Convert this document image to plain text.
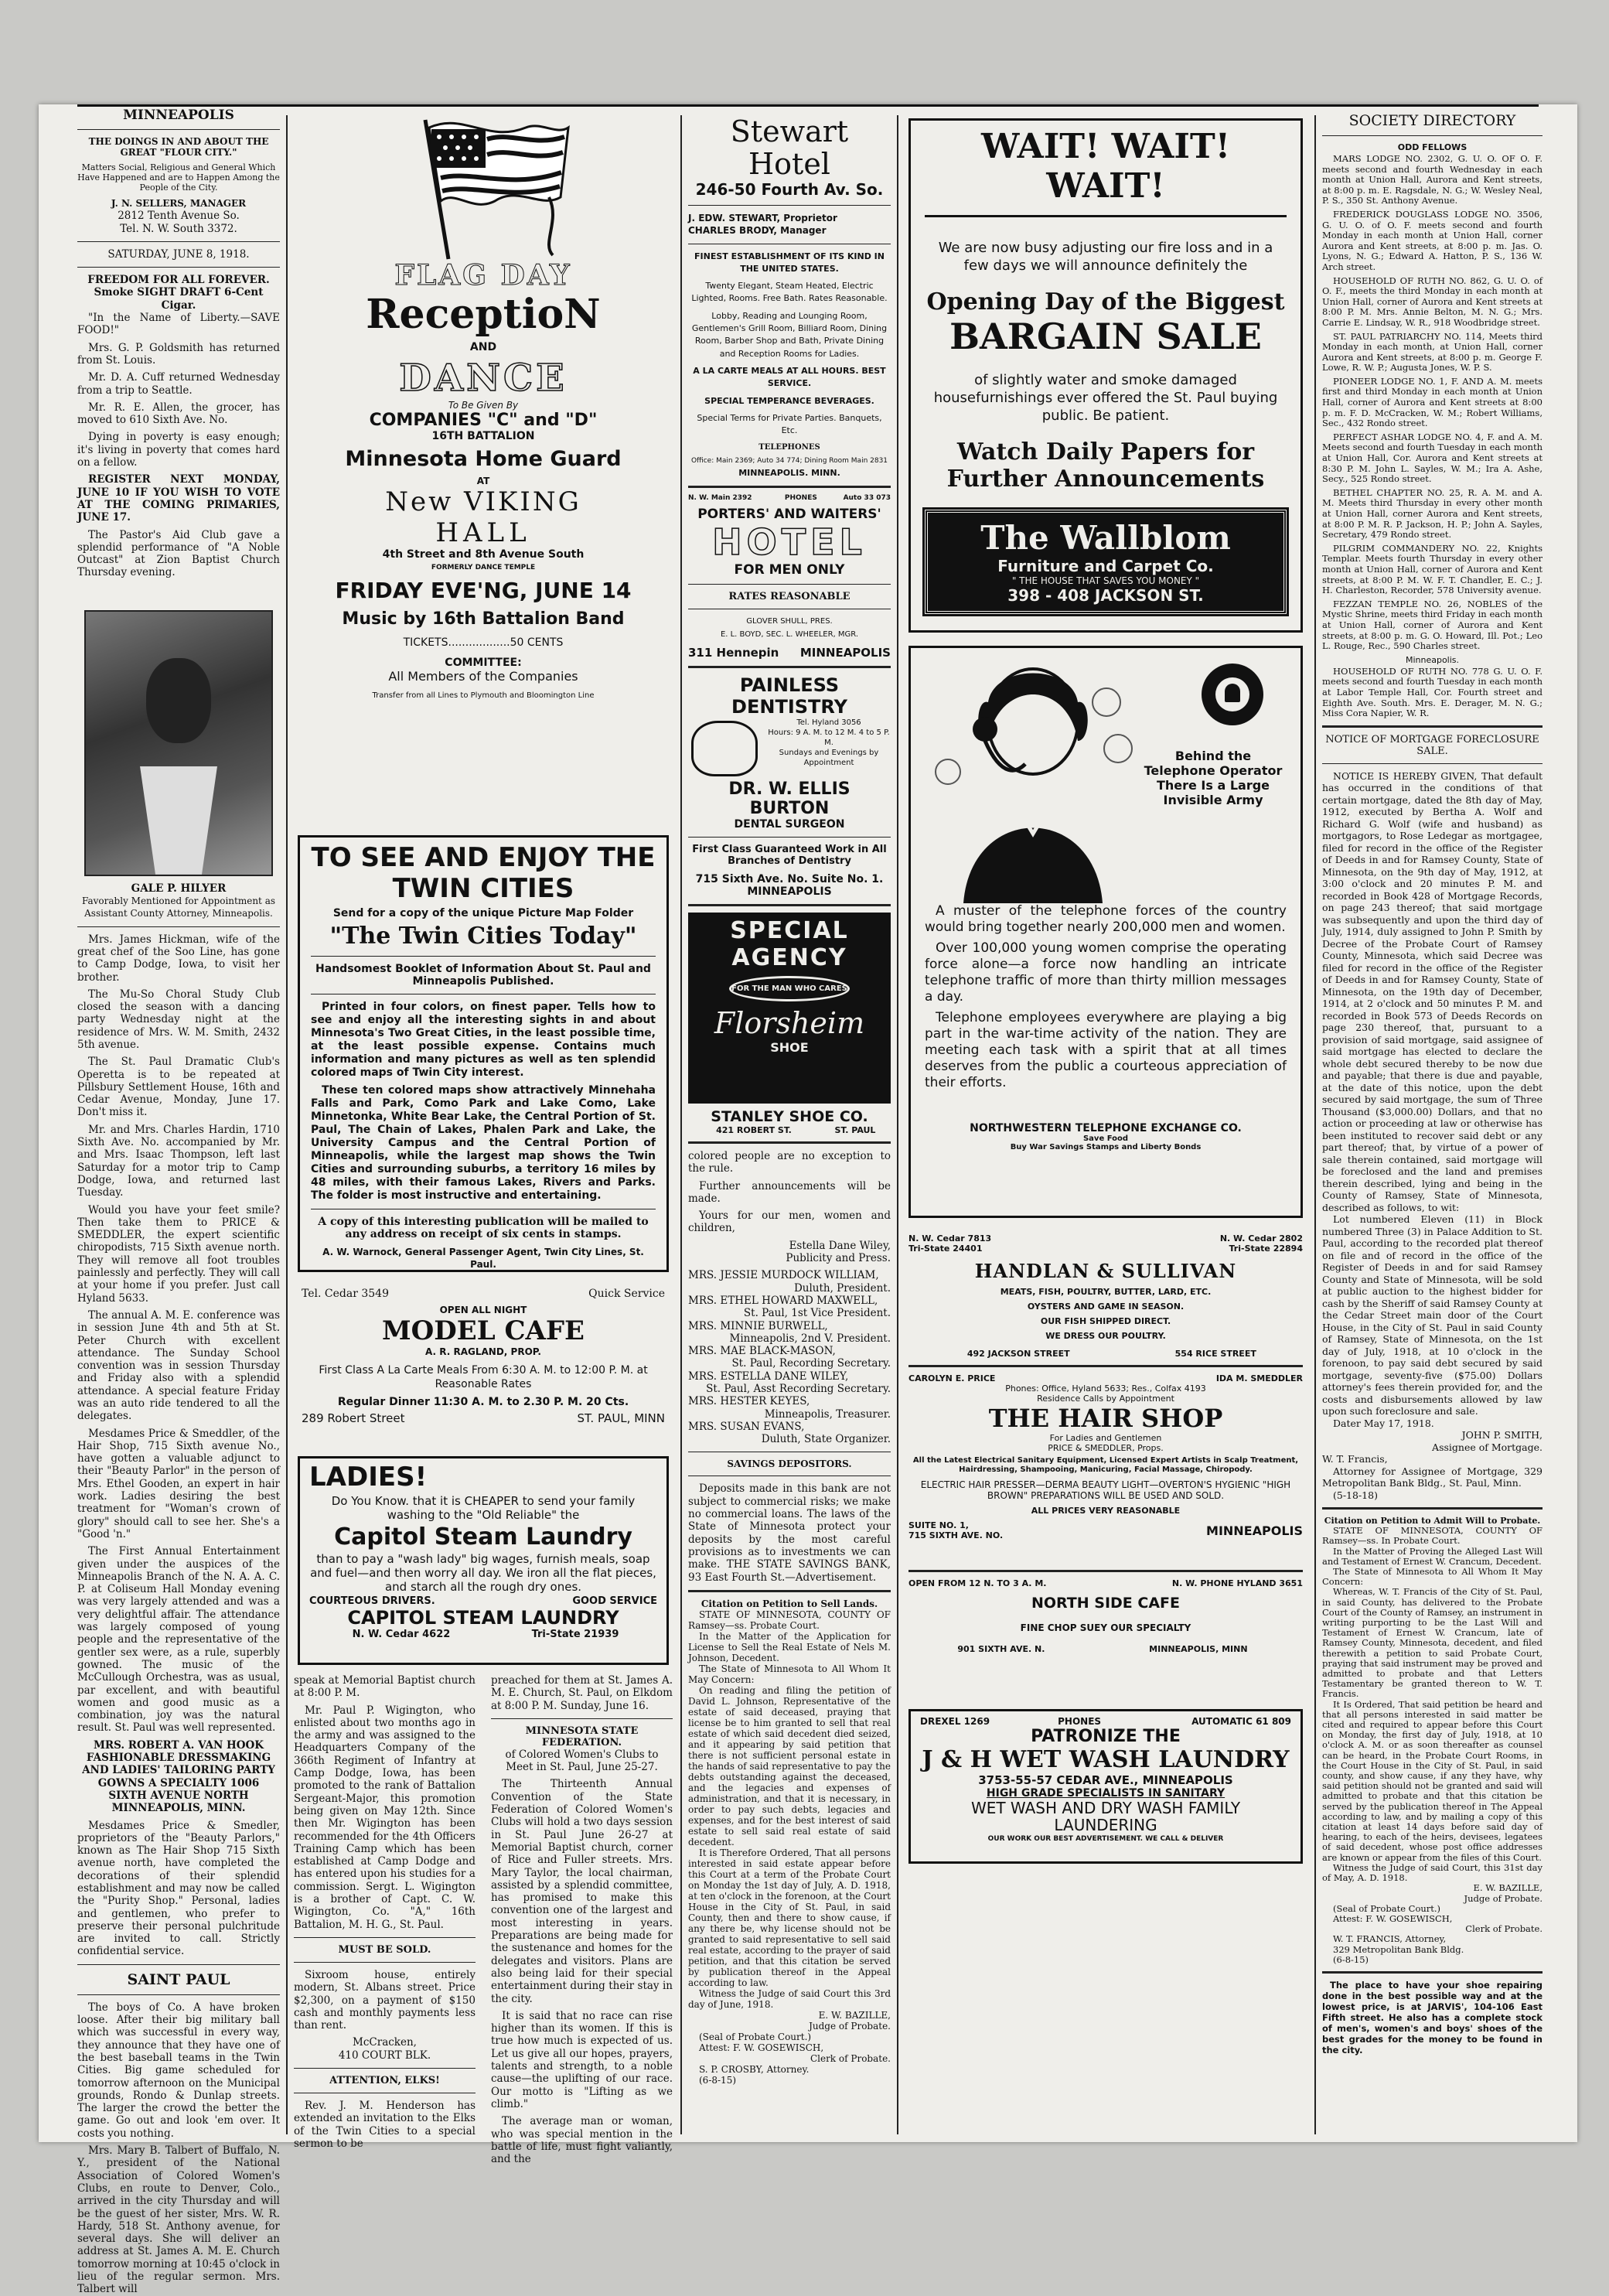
MINNEAPOLIS

THE DOINGS IN AND ABOUT THE GREAT "FLOUR CITY."

Matters Social, Religious and General Which Have Happened and are to Happen Among the People of the City.

J. N. SELLERS, MANAGER

2812 Tenth Avenue So.

Tel. N. W. South 3372.

SATURDAY, JUNE 8, 1918.

FREEDOM FOR ALL FOREVER.

Smoke SIGHT DRAFT 6-Cent Cigar.

"In the Name of Liberty.—SAVE FOOD!"

Mrs. G. P. Goldsmith has returned from St. Louis.

Mr. D. A. Cuff returned Wednesday from a trip to Seattle.

Mr. R. E. Allen, the grocer, has moved to 610 Sixth Ave. No.

Dying in poverty is easy enough; it's living in poverty that comes hard on a fellow.

REGISTER NEXT MONDAY, JUNE 10 IF YOU WISH TO VOTE AT THE COMING PRIMARIES, JUNE 17.

The Pastor's Aid Club gave a splendid performance of "A Noble Outcast" at Zion Baptist Church Thursday evening.

GALE P. HILYER

Favorably Mentioned for Appointment as Assistant County Attorney, Minneapolis.

Mrs. James Hickman, wife of the great chef of the Soo Line, has gone to Camp Dodge, Iowa, to visit her brother.

The Mu-So Choral Study Club closed the season with a dancing party Wednesday night at the residence of Mrs. W. M. Smith, 2432 5th avenue.

The St. Paul Dramatic Club's Operetta is to be repeated at Pillsbury Settlement House, 16th and Cedar Avenue, Monday, June 17. Don't miss it.

Mr. and Mrs. Charles Hardin, 1710 Sixth Ave. No. accompanied by Mr. and Mrs. Isaac Thompson, left last Saturday for a motor trip to Camp Dodge, Iowa, and returned last Tuesday.

Would you have your feet smile? Then take them to PRICE & SMEDDLER, the expert scientific chiropodists, 715 Sixth avenue north. They will remove all foot troubles painlessly and perfectly. They will call at your home if you prefer. Just call Hyland 5633.

The annual A. M. E. conference was in session June 4th and 5th at St. Peter Church with excellent attendance. The Sunday School convention was in session Thursday and Friday also with a splendid attendance. A special feature Friday was an auto ride tendered to all the delegates.

Mesdames Price & Smeddler, of the Hair Shop, 715 Sixth avenue No., have gotten a valuable adjunct to their "Beauty Parlor" in the person of Mrs. Ethel Gooden, an expert in hair work. Ladies desiring the best treatment for "Woman's crown of glory" should call to see her. She's a "Good 'n."

The First Annual Entertainment given under the auspices of the Minneapolis Branch of the N. A. A. C. P. at Coliseum Hall Monday evening was very largely attended and was a very delightful affair. The attendance was largely composed of young people and the representative of the gentler sex were, as a rule, superbly gowned. The music of the McCullough Orchestra, was as usual, par excellent, and with beautiful women and good music as a combination, joy was the natural result. St. Paul was well represented.

MRS. ROBERT A. VAN HOOK FASHIONABLE DRESSMAKING AND LADIES' TAILORING PARTY GOWNS A SPECIALTY 1006 SIXTH AVENUE NORTH MINNEAPOLIS, MINN.

Mesdames Price & Smedler, proprietors of the "Beauty Parlors," known as The Hair Shop 715 Sixth avenue north, have completed the decorations of their splendid establishment and may now be called the "Purity Shop." Personal, ladies and gentlemen, who prefer to preserve their personal pulchritude are invited to call. Strictly confidential service.

SAINT PAUL

The boys of Co. A have broken loose. After their big military ball which was successful in every way, they announce that they have one of the best baseball teams in the Twin Cities. Big game scheduled for tomorrow afternoon on the Municipal grounds, Rondo & Dunlap streets. The larger the crowd the better the game. Go out and look 'em over. It costs you nothing.

Mrs. Mary B. Talbert of Buffalo, N. Y., president of the National Association of Colored Women's Clubs, en route to Denver, Colo., arrived in the city Thursday and will be the guest of her sister, Mrs. W. R. Hardy, 518 St. Anthony avenue, for several days. She will deliver an address at St. James A. M. E. Church tomorrow morning at 10:45 o'clock in lieu of the regular sermon. Mrs. Talbert will

FLAG DAY
ReceptioN
AND
DANCE
To Be Given By
COMPANIES "C" and "D"
16TH BATTALION
Minnesota Home Guard
AT
New VIKING
HALL
4th Street and 8th Avenue South
FORMERLY DANCE TEMPLE
FRIDAY EVE'NG, JUNE 14
Music by 16th Battalion Band
TICKETS..................50 CENTS
COMMITTEE:
All Members of the Companies
Transfer from all Lines to Plymouth and Bloomington Line
TO SEE AND ENJOY THE TWIN CITIES
Send for a copy of the unique Picture Map Folder
"The Twin Cities Today"
Handsomest Booklet of Information About St. Paul and Minneapolis Published.

Printed in four colors, on finest paper. Tells how to see and enjoy all the interesting sights in and about Minnesota's Two Great Cities, in the least possible time, at the least possible expense. Contains much information and many pictures as well as ten splendid colored maps of Twin City interest.

These ten colored maps show attractively Minnehaha Falls and Park, Como Park and Lake Como, Lake Minnetonka, White Bear Lake, the Central Portion of St. Paul, The Chain of Lakes, Phalen Park and Lake, the University Campus and the Central Portion of Minneapolis, while the largest map shows the Twin Cities and surrounding suburbs, a territory 16 miles by 48 miles, with their famous Lakes, Rivers and Parks. The folder is most instructive and entertaining.

A copy of this interesting publication will be mailed to any address on receipt of six cents in stamps.

A. W. Warnock, General Passenger Agent, Twin City Lines, St. Paul.

Tel. Cedar 3549	Quick Service
OPEN ALL NIGHT
MODEL CAFE
A. R. RAGLAND, PROP.

First Class A La Carte Meals From 6:30 A. M. to 12:00 P. M. at Reasonable Rates

Regular Dinner 11:30 A. M. to 2.30 P. M. 20 Cts.
289 Robert Street	ST. PAUL, MINN
LADIES!

Do You Know. that it is CHEAPER to send your family washing to the "Old Reliable" the

Capitol Steam Laundry

than to pay a "wash lady" big wages, furnish meals, soap and fuel—and then worry all day. We iron all the flat pieces, and starch all the rough dry ones.

COURTEOUS DRIVERS.	GOOD SERVICE
CAPITOL STEAM LAUNDRY
N. W. Cedar 4622	Tri-State 21939

speak at Memorial Baptist church at 8:00 P. M.

Mr. Paul P. Wigington, who enlisted about two months ago in the army and was assigned to the Headquarters Company of the 366th Regiment of Infantry at Camp Dodge, Iowa, has been promoted to the rank of Battalion Sergeant-Major, this promotion being given on May 12th. Since then Mr. Wigington has been recommended for the 4th Officers Training Camp which has been established at Camp Dodge and has entered upon his studies for a commission. Sergt. L. Wigington is a brother of Capt. C. W. Wigington, Co. "A," 16th Battalion, M. H. G., St. Paul.

MUST BE SOLD.

Sixroom house, entirely modern, St. Albans street. Price $2,300, on a payment of $150 cash and monthly payments less than rent.

McCracken,

410 COURT BLK.

ATTENTION, ELKS!

Rev. J. M. Henderson has extended an invitation to the Elks of the Twin Cities to a special sermon to be

preached for them at St. James A. M. E. Church, St. Paul, on Elkdom at 8:00 P. M. Sunday, June 16.

MINNESOTA STATE FEDERATION.

of Colored Women's Clubs to Meet in St. Paul, June 25-27.

The Thirteenth Annual Convention of the State Federation of Colored Women's Clubs will hold a two days session in St. Paul June 26-27 at Memorial Baptist church, corner of Rice and Fuller streets. Mrs. Mary Taylor, the local chairman, assisted by a splendid committee, has promised to make this convention one of the largest and most interesting in years. Preparations are being made for the sustenance and homes for the delegates and visitors. Plans are also being laid for their special entertainment during their stay in the city.

It is said that no race can rise higher than its women. If this is true how much is expected of us. Let us give all our hopes, prayers, talents and strength, to a noble cause—the uplifting of our race. Our motto is "Lifting as we climb."

The average man or woman, who was special mention in the battle of life, must fight valiantly, and the

Stewart Hotel
246-50 Fourth Av. So.

J. EDW. STEWART, Proprietor

CHARLES BRODY, Manager

FINEST ESTABLISHMENT OF ITS KIND IN THE UNITED STATES.

Twenty Elegant, Steam Heated, Electric Lighted, Rooms. Free Bath. Rates Reasonable.

Lobby, Reading and Lounging Room, Gentlemen's Grill Room, Billiard Room, Dining Room, Barber Shop and Bath, Private Dining and Reception Rooms for Ladies.

A LA CARTE MEALS AT ALL HOURS. BEST SERVICE.

SPECIAL TEMPERANCE BEVERAGES.

Special Terms for Private Parties. Banquets, Etc.

TELEPHONES

Office: Main 2369; Auto 34 774; Dining Room Main 2831

MINNEAPOLIS. MINN.

N. W. Main 2392	PHONES	Auto 33 073
PORTERS' AND WAITERS'
HOTEL
FOR MEN ONLY
RATES REASONABLE

GLOVER SHULL, PRES.

E. L. BOYD, SEC. L. WHEELER, MGR.

311 Hennepin	MINNEAPOLIS
PAINLESS DENTISTRY
Tel. Hyland 3056
Hours: 9 A. M. to 12 M. 4 to 5 P. M.
Sundays and Evenings by Appointment
DR. W. ELLIS BURTON
DENTAL SURGEON
First Class Guaranteed Work in All Branches of Dentistry
715 Sixth Ave. No. Suite No. 1.
MINNEAPOLIS
SPECIAL AGENCY
FOR THE MAN WHO CARES
Florsheim
SHOE
STANLEY SHOE CO.
421 ROBERT ST.	ST. PAUL

colored people are no exception to the rule.

Further announcements will be made.

Yours for our men, women and children,

Estella Dane Wiley,

Publicity and Press.

MRS. JESSIE MURDOCK WILLIAM,

Duluth, President.

MRS. ETHEL HOWARD MAXWELL,

St. Paul, 1st Vice President.

MRS. MINNIE BURWELL,

Minneapolis, 2nd V. President.

MRS. MAE BLACK-MASON,

St. Paul, Recording Secretary.

MRS. ESTELLA DANE WILEY,

St. Paul, Asst Recording Secretary.

MRS. HESTER KEYES,

Minneapolis, Treasurer.

MRS. SUSAN EVANS,

Duluth, State Organizer.

SAVINGS DEPOSITORS.

Deposits made in this bank are not subject to commercial risks; we make no commercial loans. The laws of the State of Minnesota protect your deposits by the most careful provisions as to investments we can make. THE STATE SAVINGS BANK, 93 East Fourth St.—Advertisement.

Citation on Petition to Sell Lands.

STATE OF MINNESOTA, COUNTY OF Ramsey—ss. Probate Court.

In the Matter of the Application for License to Sell the Real Estate of Nels M. Johnson, Decedent.

The State of Minnesota to All Whom It May Concern:

On reading and filing the petition of David L. Johnson, Representative of the estate of said deceased, praying that license be to him granted to sell that real estate of which said decedent died seized, and it appearing by said petition that there is not sufficient personal estate in the hands of said representative to pay the debts outstanding against the deceased, and the legacies and expenses of administration, and that it is necessary, in order to pay such debts, legacies and expenses, and for the best interest of said estate to sell said real estate of said decedent.

It is Therefore Ordered, That all persons interested in said estate appear before this Court at a term of the Probate Court on Monday the 1st day of July, A. D. 1918, at ten o'clock in the forenoon, at the Court House in the City of St. Paul, in said County, then and there to show cause, if any there be, why license should not be granted to said representative to sell said real estate, according to the prayer of said petition, and that this citation be served by publication thereof in the Appeal according to law.

Witness the Judge of said Court this 3rd day of June, 1918.

E. W. BAZILLE,

Judge of Probate.

(Seal of Probate Court.)

Attest: F. W. GOSEWISCH,

Clerk of Probate.

S. P. CROSBY, Attorney.

(6-8-15)

WAIT! WAIT! WAIT!

We are now busy adjusting our fire loss and in a few days we will announce definitely the

Opening Day of the Biggest
BARGAIN SALE

of slightly water and smoke damaged housefurnishings ever offered the St. Paul buying public. Be patient.

Watch Daily Papers for Further Announcements
The Wallblom
Furniture and Carpet Co.
" THE HOUSE THAT SAVES YOU MONEY "
398 - 408 JACKSON ST.
Behind the Telephone Operator There Is a Large Invisible Army

A muster of the telephone forces of the country would bring together nearly 200,000 men and women.

Over 100,000 young women comprise the operating force alone—a force now handling an intricate telephone traffic of more than thirty million messages a day.

Telephone employees everywhere are playing a big part in the war-time activity of the nation. They are meeting each task with a spirit that at all times deserves from the public a courteous appreciation of their efforts.

NORTHWESTERN TELEPHONE EXCHANGE CO.
Save Food
Buy War Savings Stamps and Liberty Bonds
N. W. Cedar 7813
Tri-State 24401

N. W. Cedar 2802
Tri-State 22894
HANDLAN & SULLIVAN
MEATS, FISH, POULTRY, BUTTER, LARD, ETC.
OYSTERS AND GAME IN SEASON.
OUR FISH SHIPPED DIRECT.
WE DRESS OUR POULTRY.
492 JACKSON STREET	554 RICE STREET
CAROLYN E. PRICE	IDA M. SMEDDLER
Phones: Office, Hyland 5633; Res., Colfax 4193
Residence Calls by Appointment
THE HAIR SHOP
For Ladies and Gentlemen
PRICE & SMEDDLER, Props.

All the Latest Electrical Sanitary Equipment, Licensed Expert Artists in Scalp Treatment, Hairdressing, Shampooing, Manicuring, Facial Massage, Chiropody.

ELECTRIC HAIR PRESSER—DERMA BEAUTY LIGHT—OVERTON'S HYGIENIC "HIGH BROWN" PREPARATIONS WILL BE USED AND SOLD.

ALL PRICES VERY REASONABLE
SUITE NO. 1,
715 SIXTH AVE. NO.	MINNEAPOLIS
OPEN FROM 12 N. TO 3 A. M.	N. W. PHONE HYLAND 3651
NORTH SIDE CAFE
FINE CHOP SUEY OUR SPECIALTY
901 SIXTH AVE. N.	MINNEAPOLIS, MINN
DREXEL 1269	PHONES	AUTOMATIC 61 809
PATRONIZE THE
J & H WET WASH LAUNDRY
3753-55-57 CEDAR AVE., MINNEAPOLIS
HIGH GRADE SPECIALISTS IN SANITARY
WET WASH AND DRY WASH FAMILY LAUNDERING
OUR WORK OUR BEST ADVERTISEMENT. WE CALL & DELIVER
SOCIETY DIRECTORY
ODD FELLOWS

MARS LODGE NO. 2302, G. U. O. OF O. F. meets second and fourth Wednesday in each month at Union Hall, Aurora and Kent streets, at 8:00 p. m. E. Ragsdale, N. G.; W. Wesley Neal, P. S., 350 St. Anthony Avenue.

FREDERICK DOUGLASS LODGE NO. 3506, G. U. O. of O. F. meets second and fourth Monday in each month at Union Hall, corner Aurora and Kent streets, at 8:00 p. m. Jas. O. Lyons, N. G.; Edward A. Hatton, P. S., 136 W. Arch street.

HOUSEHOLD OF RUTH NO. 862, G. U. O. of O. F., meets the third Monday in each month at Union Hall, corner of Aurora and Kent streets at 8:00 P. M. Mrs. Annie Belton, M. N. G.; Mrs. Carrie E. Lindsay, W. R., 918 Woodbridge street.

ST. PAUL PATRIARCHY NO. 114, Meets third Monday in each month, at Union Hall, corner Aurora and Kent streets, at 8:00 p. m. George F. Lowe, R. W. P.; Augusta Jones, W. P. S.

PIONEER LODGE NO. 1, F. AND A. M. meets first and third Monday in each month at Union Hall, corner of Aurora and Kent streets at 8:00 p. m. F. D. McCracken, W. M.; Robert Williams, Sec., 432 Rondo street.

PERFECT ASHAR LODGE NO. 4, F. and A. M. Meets second and fourth Tuesday in each month at Union Hall, Cor. Aurora and Kent streets at 8:30 P. M. John L. Sayles, W. M.; Ira A. Ashe, Secy., 525 Rondo street.

BETHEL CHAPTER NO. 25, R. A. M. and A. M. Meets third Thursday in every other month at Union Hall, corner Aurora and Kent streets, at 8:00 P. M. R. P. Jackson, H. P.; John A. Sayles, Secretary, 479 Rondo street.

PILGRIM COMMANDERY NO. 22, Knights Templar. Meets fourth Thursday in every other month at Union Hall, corner of Aurora and Kent streets, at 8:00 P. M. W. F. T. Chandler, E. C.; J. H. Charleston, Recorder, 578 University avenue.

FEZZAN TEMPLE NO. 26, NOBLES of the Mystic Shrine, meets third Friday in each month at Union Hall, corner of Aurora and Kent streets, at 8:00 p. m. G. O. Howard, Ill. Pot.; Leo L. Rouge, Rec., 590 Charles street.

Minneapolis.

HOUSEHOLD OF RUTH NO. 778 G. U. O. F. meets second and fourth Tuesday in each month at Labor Temple Hall, Cor. Fourth street and Eighth Ave. South. Mrs. E. Derager, M. N. G.; Miss Cora Napier, W. R.

NOTICE OF MORTGAGE FORECLOSURE SALE.

NOTICE IS HEREBY GIVEN, That default has occurred in the conditions of that certain mortgage, dated the 8th day of May, 1912, executed by Bertha A. Wolf and Richard G. Wolf (wife and husband) as mortgagors, to Rose Ledegar as mortgagee, filed for record in the office of the Register of Deeds in and for Ramsey County, State of Minnesota, on the 9th day of May, 1912, at 3:00 o'clock and 20 minutes P. M. and recorded in Book 428 of Mortgage Records, on page 243 thereof; that said mortgage was subsequently and upon the third day of July, 1914, duly assigned to John P. Smith by Decree of the Probate Court of Ramsey County, Minnesota, which said Decree was filed for record in the office of the Register of Deeds in and for Ramsey County, State of Minnesota, on the 19th day of December, 1914, at 2 o'clock and 50 minutes P. M. and recorded in Book 573 of Deeds Records on page 230 thereof, that, pursuant to a provision of said mortgage, said assignee of said mortgage has elected to declare the whole debt secured thereby to be now due and payable; that there is due and payable, at the date of this notice, upon the debt secured by said mortgage, the sum of Three Thousand ($3,000.00) Dollars, and that no action or proceeding at law or otherwise has been instituted to recover said debt or any part thereof; that, by virtue of a power of sale therein contained, said mortgage will be foreclosed and the land and premises therein described, lying and being in the County of Ramsey, State of Minnesota, described as follows, to wit:

Lot numbered Eleven (11) in Block numbered Three (3) in Palace Addition to St. Paul, according to the recorded plat thereof on file and of record in the office of the Register of Deeds in and for said Ramsey County and State of Minnesota, will be sold at public auction to the highest bidder for cash by the Sheriff of said Ramsey County at the Cedar Street main door of the Court House, in the City of St. Paul in said County of Ramsey, State of Minnesota, on the 1st day of July, 1918, at 10 o'clock in the forenoon, to pay said debt secured by said mortgage, seventy-five ($75.00) Dollars attorney's fees therein provided for, and the costs and disbursements allowed by law upon such foreclosure and sale.

Dater May 17, 1918.

JOHN P. SMITH,

Assignee of Mortgage.

W. T. Francis,

Attorney for Assignee of Mortgage, 329 Metropolitan Bank Bldg., St. Paul, Minn.

(5-18-18)

Citation on Petition to Admit Will to Probate.

STATE OF MINNESOTA, COUNTY OF Ramsey—ss. In Probate Court.

In the Matter of Proving the Alleged Last Will and Testament of Ernest W. Crancum, Decedent.

The State of Minnesota to All Whom It May Concern:

Whereas, W. T. Francis of the City of St. Paul, in said County, has delivered to the Probate Court of the County of Ramsey, an instrument in writing purporting to be the Last Will and Testament of Ernest W. Crancum, late of Ramsey County, Minnesota, decedent, and filed therewith a petition to said Probate Court, praying that said instrument may be proved and admitted to probate and that Letters Testamentary be granted thereon to W. T. Francis.

It Is Ordered, That said petition be heard and that all persons interested in said matter be cited and required to appear before this Court on Monday, the first day of July, 1918, at 10 o'clock A. M. or as soon thereafter as counsel can be heard, in the Probate Court Rooms, in the Court House in the City of St. Paul, in said county, and show cause, if any they have, why said petition should not be granted and said will admitted to probate and that this citation be served by the publication thereof in The Appeal according to law, and by mailing a copy of this citation at least 14 days before said day of hearing, to each of the heirs, devisees, legatees of said decedent, whose post office addresses are known or appear from the files of this Court.

Witness the Judge of said Court, this 31st day of May, A. D. 1918.

E. W. BAZILLE,

Judge of Probate.

(Seal of Probate Court.)

Attest: F. W. GOSEWISCH,

Clerk of Probate.

W. T. FRANCIS, Attorney,

329 Metropolitan Bank Bldg.

(6-8-15)

The place to have your shoe repairing done in the best possible way and at the lowest price, is at JARVIS', 104-106 East Fifth street. He also has a complete stock of men's, women's and boys' shoes of the best grades for the money to be found in the city.
